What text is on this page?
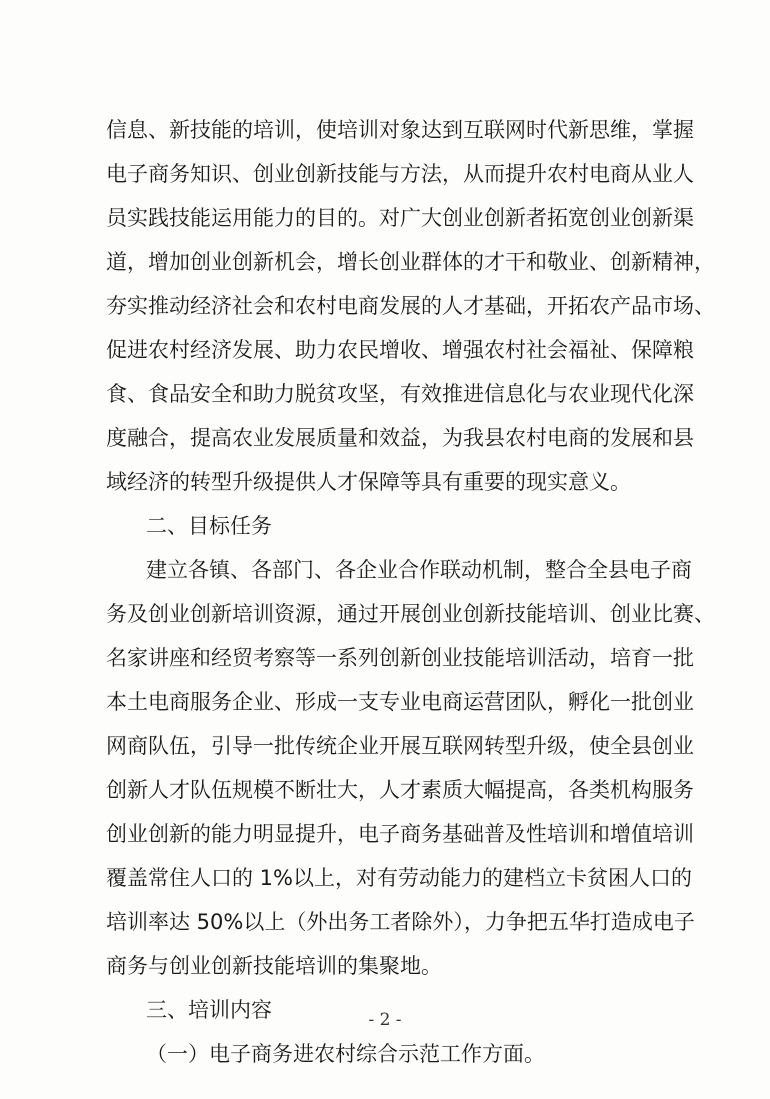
信息、新技能的培训，使培训对象达到互联网时代新思维，掌握
电子商务知识、创业创新技能与方法，从而提升农村电商从业人
员实践技能运用能力的目的。对广大创业创新者拓宽创业创新渠
道，增加创业创新机会，增长创业群体的才干和敬业、创新精神，
夯实推动经济社会和农村电商发展的人才基础，开拓农产品市场、
促进农村经济发展、助力农民增收、增强农村社会福祉、保障粮
食、食品安全和助力脱贫攻坚，有效推进信息化与农业现代化深
度融合，提高农业发展质量和效益，为我县农村电商的发展和县
域经济的转型升级提供人才保障等具有重要的现实意义。
二、目标任务
建立各镇、各部门、各企业合作联动机制，整合全县电子商
务及创业创新培训资源，通过开展创业创新技能培训、创业比赛、
名家讲座和经贸考察等一系列创新创业技能培训活动，培育一批
本土电商服务企业、形成一支专业电商运营团队，孵化一批创业
网商队伍，引导一批传统企业开展互联网转型升级，使全县创业
创新人才队伍规模不断壮大，人才素质大幅提高，各类机构服务
创业创新的能力明显提升，电子商务基础普及性培训和增值培训
覆盖常住人口的 1%以上，对有劳动能力的建档立卡贫困人口的
培训率达 50%以上（外出务工者除外），力争把五华打造成电子
商务与创业创新技能培训的集聚地。
三、培训内容
（一）电子商务进农村综合示范工作方面。
- 2 -
